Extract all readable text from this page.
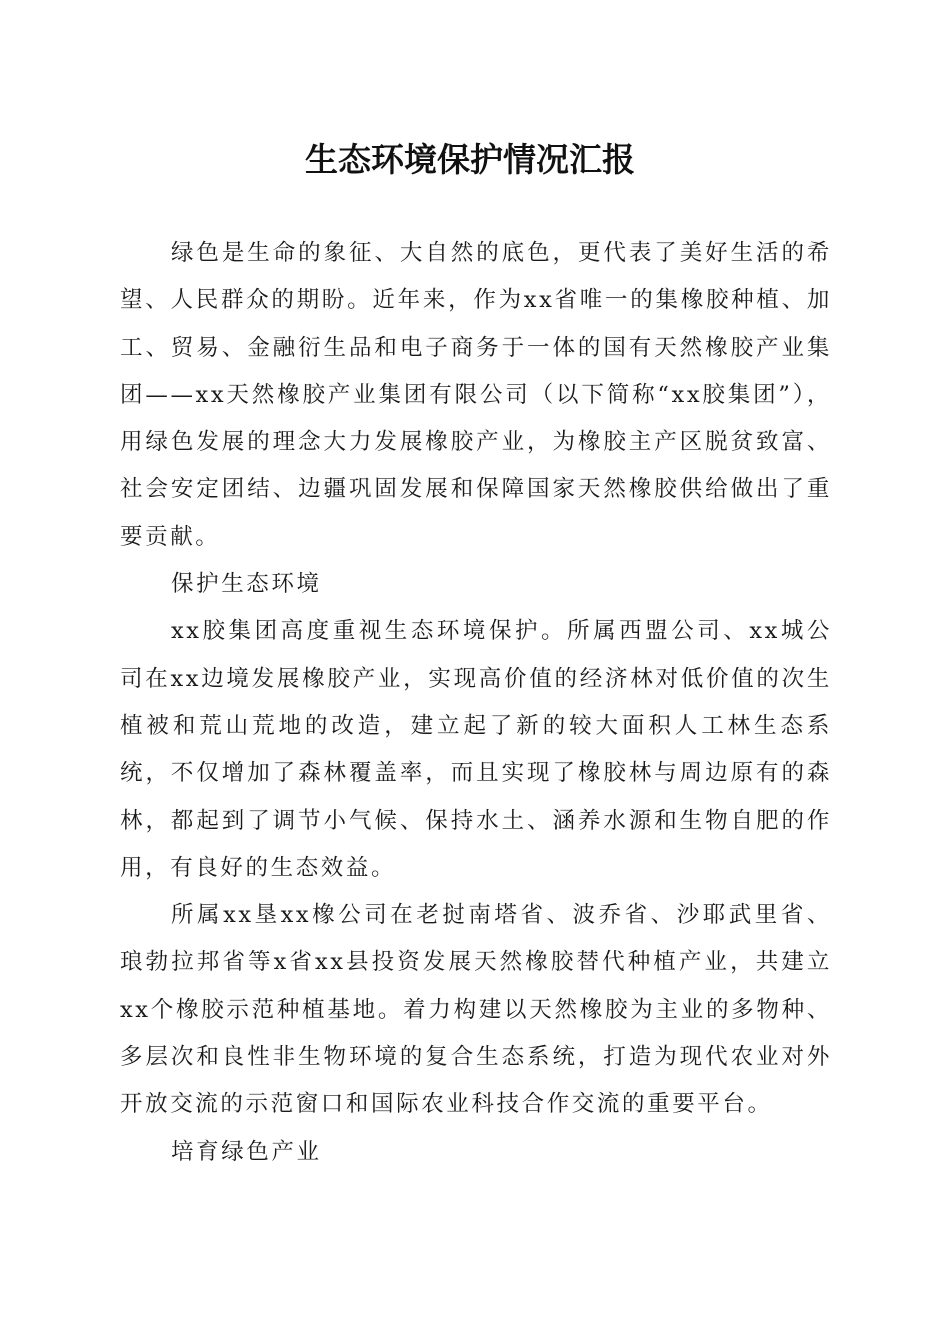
生态环境保护情况汇报

绿色是生命的象征、大自然的底色，更代表了美好生活的希望、人民群众的期盼。近年来，作为xx省唯一的集橡胶种植、加工、贸易、金融衍生品和电子商务于一体的国有天然橡胶产业集团——xx天然橡胶产业集团有限公司（以下简称“xx胶集团”），用绿色发展的理念大力发展橡胶产业，为橡胶主产区脱贫致富、社会安定团结、边疆巩固发展和保障国家天然橡胶供给做出了重要贡献。

保护生态环境

xx胶集团高度重视生态环境保护。所属西盟公司、xx城公司在xx边境发展橡胶产业，实现高价值的经济林对低价值的次生植被和荒山荒地的改造，建立起了新的较大面积人工林生态系统，不仅增加了森林覆盖率，而且实现了橡胶林与周边原有的森林，都起到了调节小气候、保持水土、涵养水源和生物自肥的作用，有良好的生态效益。

所属xx垦xx橡公司在老挝南塔省、波乔省、沙耶武里省、琅勃拉邦省等x省xx县投资发展天然橡胶替代种植产业，共建立xx个橡胶示范种植基地。着力构建以天然橡胶为主业的多物种、多层次和良性非生物环境的复合生态系统，打造为现代农业对外开放交流的示范窗口和国际农业科技合作交流的重要平台。

培育绿色产业
